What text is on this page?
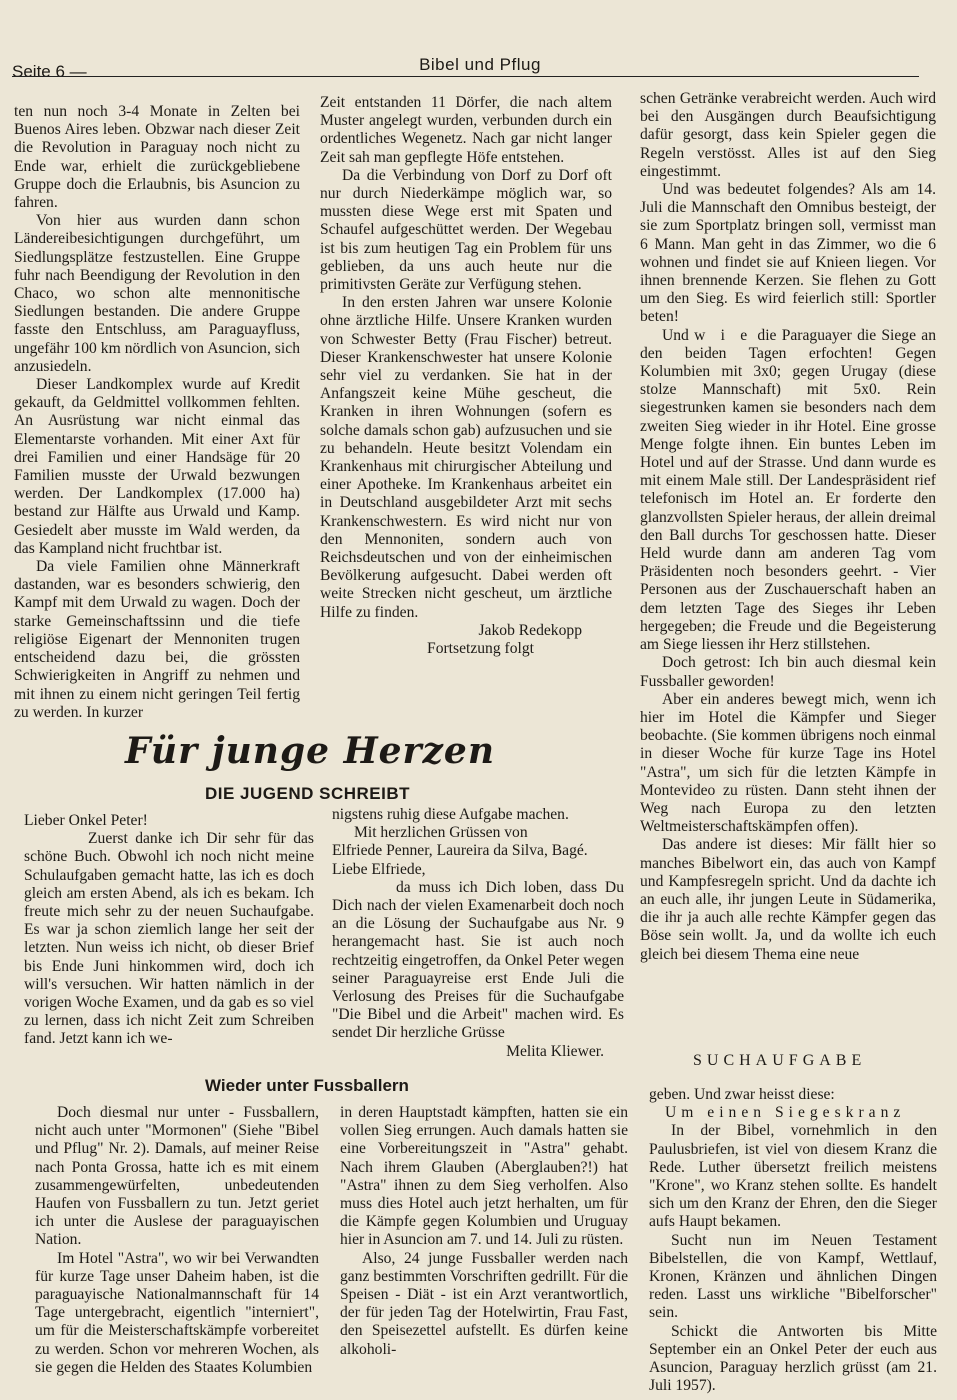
Seite 6 —	Bibel und Pflug

ten nun noch 3-4 Monate in Zelten bei Buenos Aires leben. Obzwar nach dieser Zeit die Revolution in Paraguay noch nicht zu Ende war, erhielt die zurückgebliebene Gruppe doch die Erlaubnis, bis Asuncion zu fahren.

Von hier aus wurden dann schon Ländereibesichtigungen durchgeführt, um Siedlungsplätze festzustellen. Eine Gruppe fuhr nach Beendigung der Revolution in den Chaco, wo schon alte mennonitische Siedlungen bestanden. Die andere Gruppe fasste den Entschluss, am Paraguayfluss, ungefähr 100 km nördlich von Asuncion, sich anzusiedeln.

Dieser Landkomplex wurde auf Kredit gekauft, da Geldmittel vollkommen fehlten. An Ausrüstung war nicht einmal das Elementarste vorhanden. Mit einer Axt für drei Familien und einer Handsäge für 20 Familien musste der Urwald bezwungen werden. Der Landkomplex (17.000 ha) bestand zur Hälfte aus Urwald und Kamp. Gesiedelt aber musste im Wald werden, da das Kampland nicht fruchtbar ist.

Da viele Familien ohne Männerkraft dastanden, war es besonders schwierig, den Kampf mit dem Urwald zu wagen. Doch der starke Gemeinschaftssinn und die tiefe religiöse Eigenart der Mennoniten trugen entscheidend dazu bei, die grössten Schwierigkeiten in Angriff zu nehmen und mit ihnen zu einem nicht geringen Teil fertig zu werden. In kurzer

Zeit entstanden 11 Dörfer, die nach altem Muster angelegt wurden, verbunden durch ein ordentliches Wegenetz. Nach gar nicht langer Zeit sah man gepflegte Höfe entstehen.

Da die Verbindung von Dorf zu Dorf oft nur durch Niederkämpe möglich war, so mussten diese Wege erst mit Spaten und Schaufel aufgeschüttet werden. Der Wegebau ist bis zum heutigen Tag ein Problem für uns geblieben, da uns auch heute nur die primitivsten Geräte zur Verfügung stehen.

In den ersten Jahren war unsere Kolonie ohne ärztliche Hilfe. Unsere Kranken wurden von Schwester Betty (Frau Fischer) betreut. Dieser Krankenschwester hat unsere Kolonie sehr viel zu verdanken. Sie hat in der Anfangszeit keine Mühe gescheut, die Kranken in ihren Wohnungen (sofern es solche damals schon gab) aufzusuchen und sie zu behandeln. Heute besitzt Volendam ein Krankenhaus mit chirurgischer Abteilung und einer Apotheke. Im Krankenhaus arbeitet ein in Deutschland ausgebildeter Arzt mit sechs Krankenschwestern. Es wird nicht nur von den Mennoniten, sondern auch von Reichsdeutschen und von der einheimischen Bevölkerung aufgesucht. Dabei werden oft weite Strecken nicht gescheut, um ärztliche Hilfe zu finden.

Jakob Redekopp

Fortsetzung folgt

schen Getränke verabreicht werden. Auch wird bei den Ausgängen durch Beaufsichtigung dafür gesorgt, dass kein Spieler gegen die Regeln verstösst. Alles ist auf den Sieg eingestimmt.

Und was bedeutet folgendes? Als am 14. Juli die Mannschaft den Omnibus besteigt, der sie zum Sportplatz bringen soll, vermisst man 6 Mann. Man geht in das Zimmer, wo die 6 wohnen und findet sie auf Knieen liegen. Vor ihnen brennende Kerzen. Sie flehen zu Gott um den Sieg. Es wird feierlich still: Sportler beten!

Und w i e die Paraguayer die Siege an den beiden Tagen erfochten! Gegen Kolumbien mit 3x0; gegen Urugay (diese stolze Mannschaft) mit 5x0. Rein siegestrunken kamen sie besonders nach dem zweiten Sieg wieder in ihr Hotel. Eine grosse Menge folgte ihnen. Ein buntes Leben im Hotel und auf der Strasse. Und dann wurde es mit einem Male still. Der Landespräsident rief telefonisch im Hotel an. Er forderte den glanzvollsten Spieler heraus, der allein dreimal den Ball durchs Tor geschossen hatte. Dieser Held wurde dann am anderen Tag vom Präsidenten noch besonders geehrt. - Vier Personen aus der Zuschauerschaft haben an dem letzten Tage des Sieges ihr Leben hergegeben; die Freude und die Begeisterung am Siege liessen ihr Herz stillstehen.

Doch getrost: Ich bin auch diesmal kein Fussballer geworden!

Aber ein anderes bewegt mich, wenn ich hier im Hotel die Kämpfer und Sieger beobachte. (Sie kommen übrigens noch einmal in dieser Woche für kurze Tage ins Hotel "Astra", um sich für die letzten Kämpfe in Montevideo zu rüsten. Dann steht ihnen der Weg nach Europa zu den letzten Weltmeisterschaftskämpfen offen).

Das andere ist dieses: Mir fällt hier so manches Bibelwort ein, das auch von Kampf und Kampfesregeln spricht. Und da dachte ich an euch alle, ihr jungen Leute in Südamerika, die ihr ja auch alle rechte Kämpfer gegen das Böse sein wollt. Ja, und da wollte ich euch gleich bei diesem Thema eine neue

SUCHAUFGABE
Für junge Herzen
DIE JUGEND SCHREIBT

Lieber Onkel Peter!

Zuerst danke ich Dir sehr für das schöne Buch. Obwohl ich noch nicht meine Schulaufgaben gemacht hatte, las ich es doch gleich am ersten Abend, als ich es bekam. Ich freute mich sehr zu der neuen Suchaufgabe. Es war ja schon ziemlich lange her seit der letzten. Nun weiss ich nicht, ob dieser Brief bis Ende Juni hinkommen wird, doch ich will's versuchen. Wir hatten nämlich in der vorigen Woche Examen, und da gab es so viel zu lernen, dass ich nicht Zeit zum Schreiben fand. Jetzt kann ich we-

nigstens ruhig diese Aufgabe machen.

Mit herzlichen Grüssen von

Elfriede Penner, Laureira da Silva, Bagé.

Liebe Elfriede,

da muss ich Dich loben, dass Du Dich nach der vielen Examenarbeit doch noch an die Lösung der Suchaufgabe aus Nr. 9 herangemacht hast. Sie ist auch noch rechtzeitig eingetroffen, da Onkel Peter wegen seiner Paraguayreise erst Ende Juli die Verlosung des Preises für die Suchaufgabe "Die Bibel und die Arbeit" machen wird. Es sendet Dir herzliche Grüsse

Melita Kliewer.

Wieder unter Fussballern

Doch diesmal nur unter - Fussballern, nicht auch unter "Mormonen" (Siehe "Bibel und Pflug" Nr. 2). Damals, auf meiner Reise nach Ponta Grossa, hatte ich es mit einem zusammengewürfelten, unbedeutenden Haufen von Fussballern zu tun. Jetzt geriet ich unter die Auslese der paraguayischen Nation.

Im Hotel "Astra", wo wir bei Verwandten für kurze Tage unser Daheim haben, ist die paraguayische Nationalmannschaft für 14 Tage untergebracht, eigentlich "interniert", um für die Meisterschaftskämpfe vorbereitet zu werden. Schon vor mehreren Wochen, als sie gegen die Helden des Staates Kolumbien

in deren Hauptstadt kämpften, hatten sie ein vollen Sieg errungen. Auch damals hatten sie eine Vorbereitungszeit in "Astra" gehabt. Nach ihrem Glauben (Aberglauben?!) hat "Astra" ihnen zu dem Sieg verholfen. Also muss dies Hotel auch jetzt herhalten, um für die Kämpfe gegen Kolumbien und Uruguay hier in Asuncion am 7. und 14. Juli zu rüsten.

Also, 24 junge Fussballer werden nach ganz bestimmten Vorschriften gedrillt. Für die Speisen - Diät - ist ein Arzt verantwortlich, der für jeden Tag der Hotelwirtin, Frau Fast, den Speisezettel aufstellt. Es dürfen keine alkoholi-

geben. Und zwar heisst diese:

Um einen Siegeskranz

In der Bibel, vornehmlich in den Paulusbriefen, ist viel von diesem Kranz die Rede. Luther übersetzt freilich meistens "Krone", wo Kranz stehen sollte. Es handelt sich um den Kranz der Ehren, den die Sieger aufs Haupt bekamen.

Sucht nun im Neuen Testament Bibelstellen, die von Kampf, Wettlauf, Kronen, Kränzen und ähnlichen Dingen reden. Lasst uns wirkliche "Bibelforscher" sein.

Schickt die Antworten bis Mitte September ein an Onkel Peter der euch aus Asuncion, Paraguay herzlich grüsst (am 21. Juli 1957).
